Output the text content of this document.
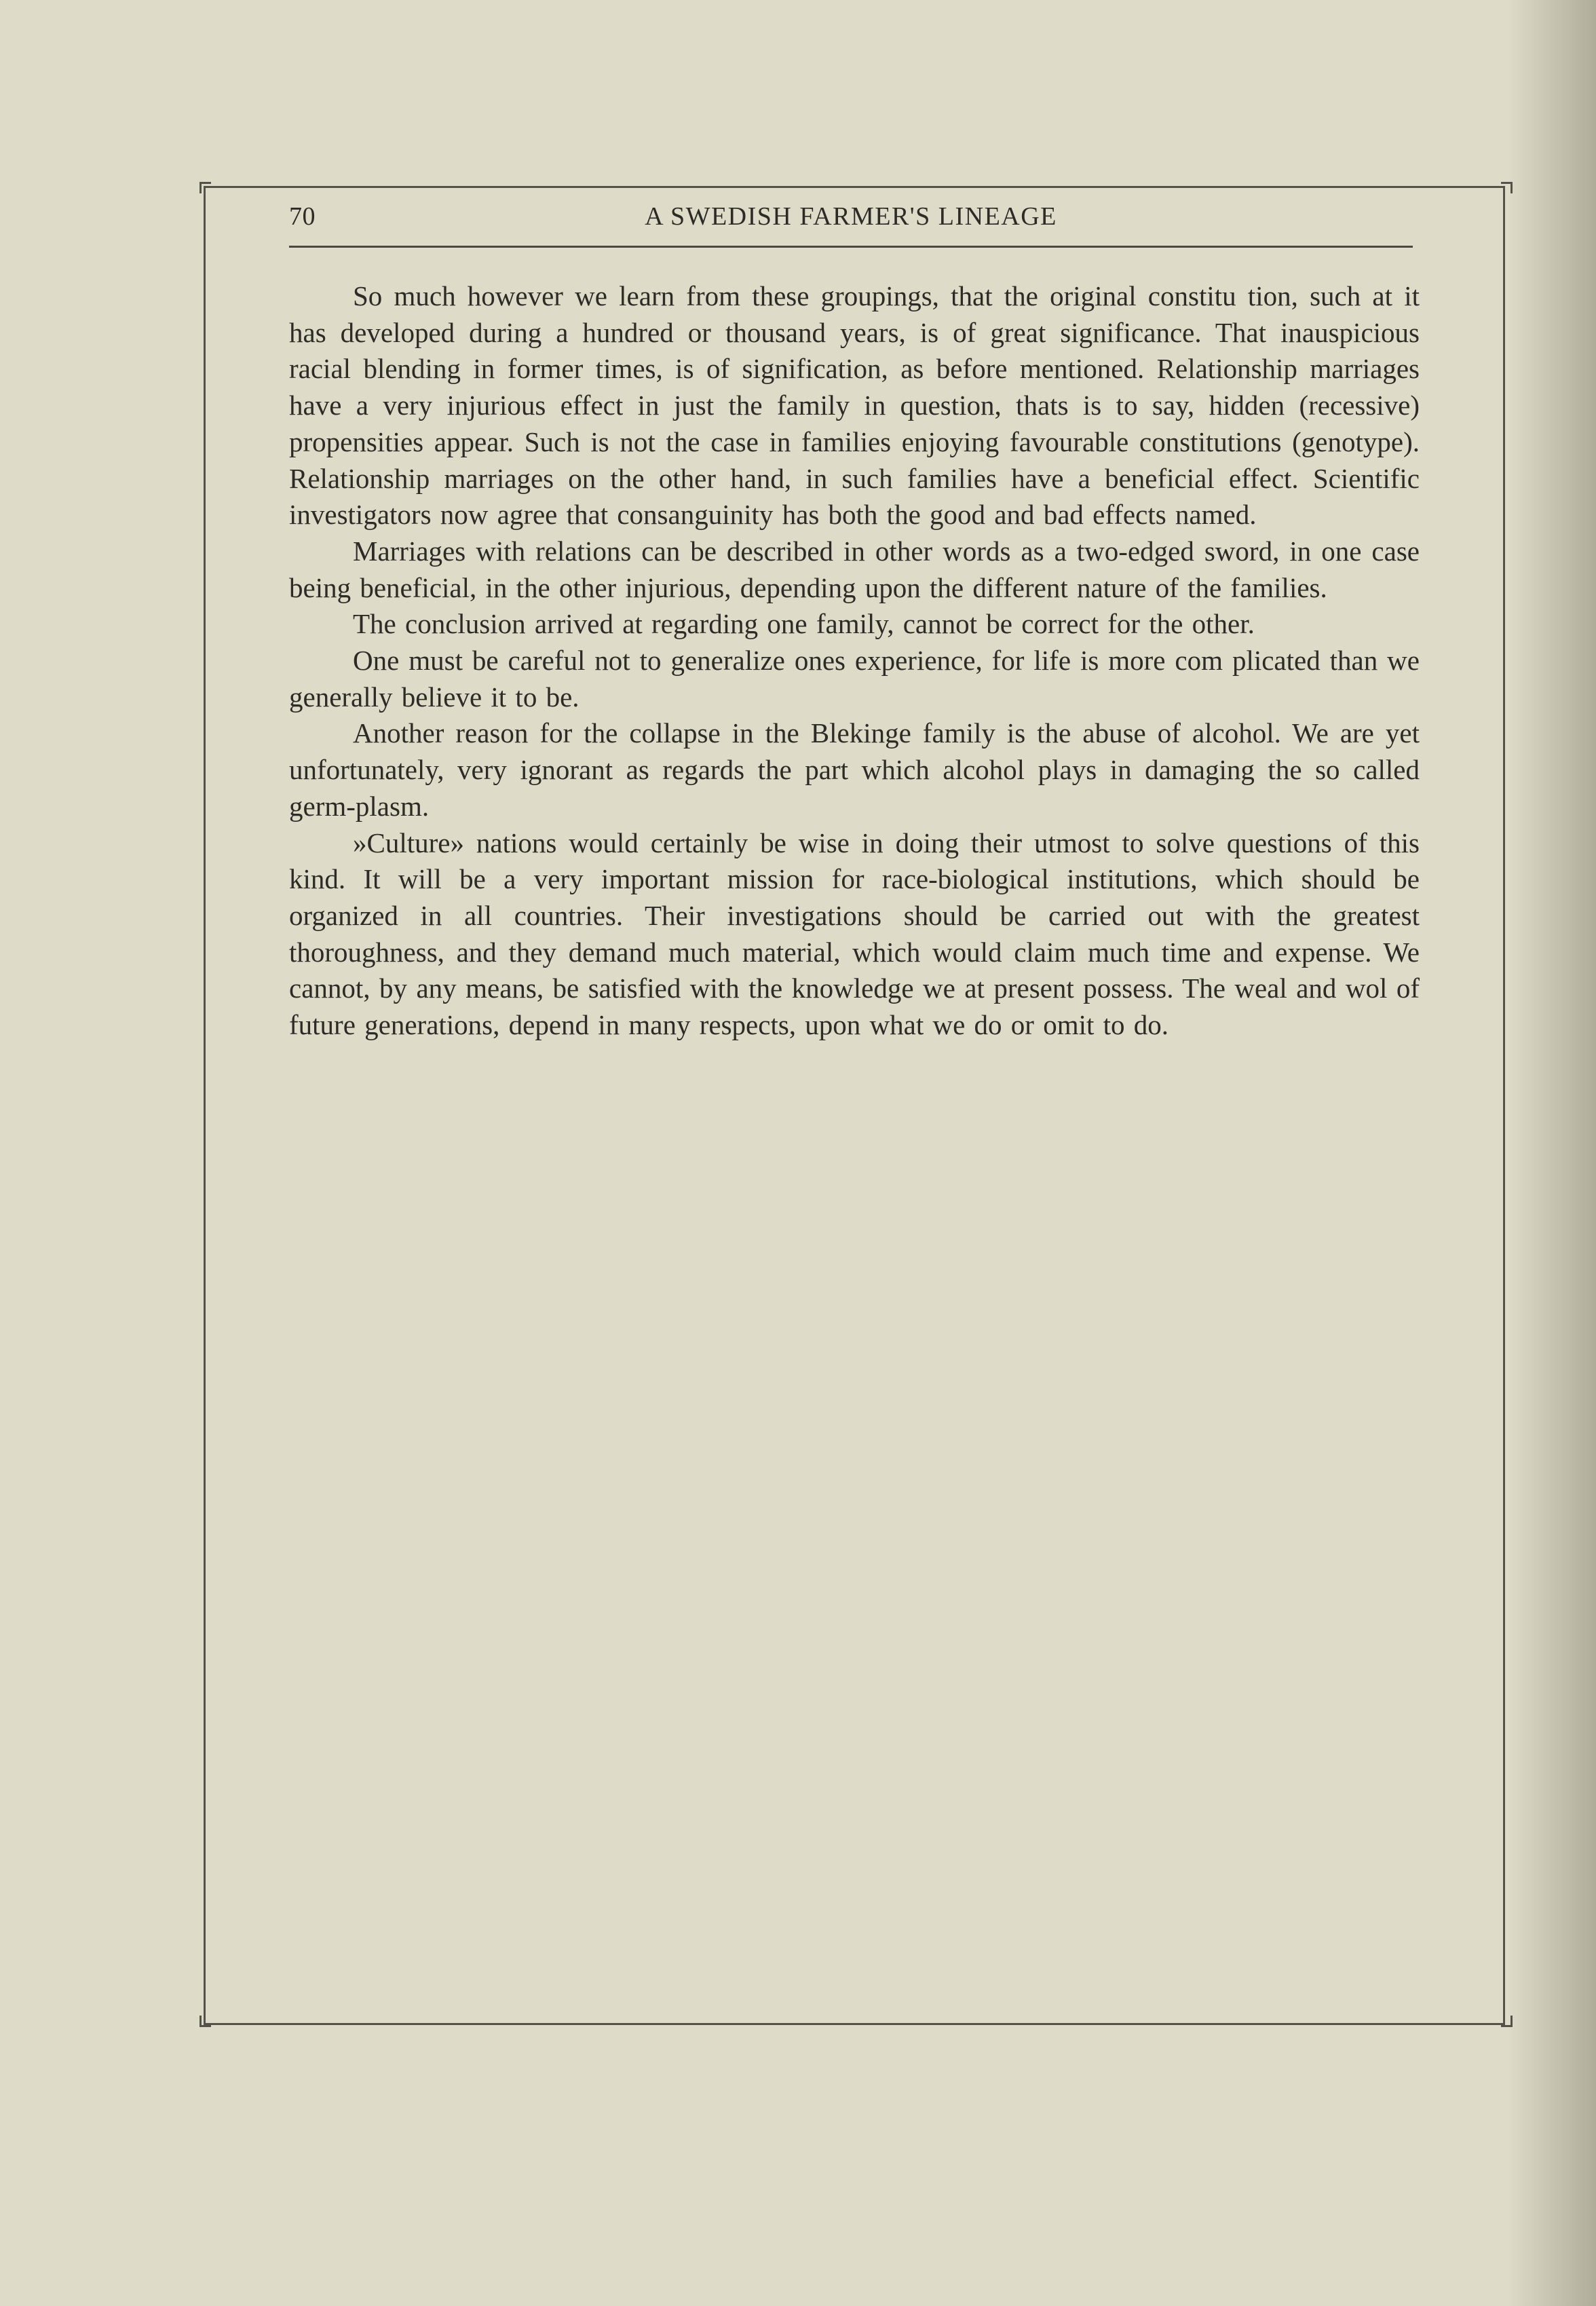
70	A SWEDISH FARMER'S LINEAGE

So much however we learn from these groupings, that the original constitu tion, such at it has developed during a hundred or thousand years, is of great significance. That inauspicious racial blending in former times, is of signification, as before mentioned. Relationship marriages have a very injurious effect in just the family in question, thats is to say, hidden (recessive) propensities appear. Such is not the case in families enjoying favourable constitutions (genotype). Relationship marriages on the other hand, in such families have a beneficial effect. Scientific investigators now agree that consanguinity has both the good and bad effects named.

Marriages with relations can be described in other words as a two‑edged sword, in one case being beneficial, in the other injurious, depending upon the different nature of the families.

The conclusion arrived at regarding one family, cannot be correct for the other.

One must be careful not to generalize ones experience, for life is more com plicated than we generally believe it to be.

Another reason for the collapse in the Blekinge family is the abuse of alcohol. We are yet unfortunately, very ignorant as regards the part which alcohol plays in damaging the so called germ‑plasm.

»Culture» nations would certainly be wise in doing their utmost to solve questions of this kind. It will be a very important mission for race‑biological institutions, which should be organized in all countries. Their investigations should be carried out with the greatest thoroughness, and they demand much material, which would claim much time and expense. We cannot, by any means, be satisfied with the knowledge we at present possess. The weal and wol of future generations, depend in many respects, upon what we do or omit to do.
